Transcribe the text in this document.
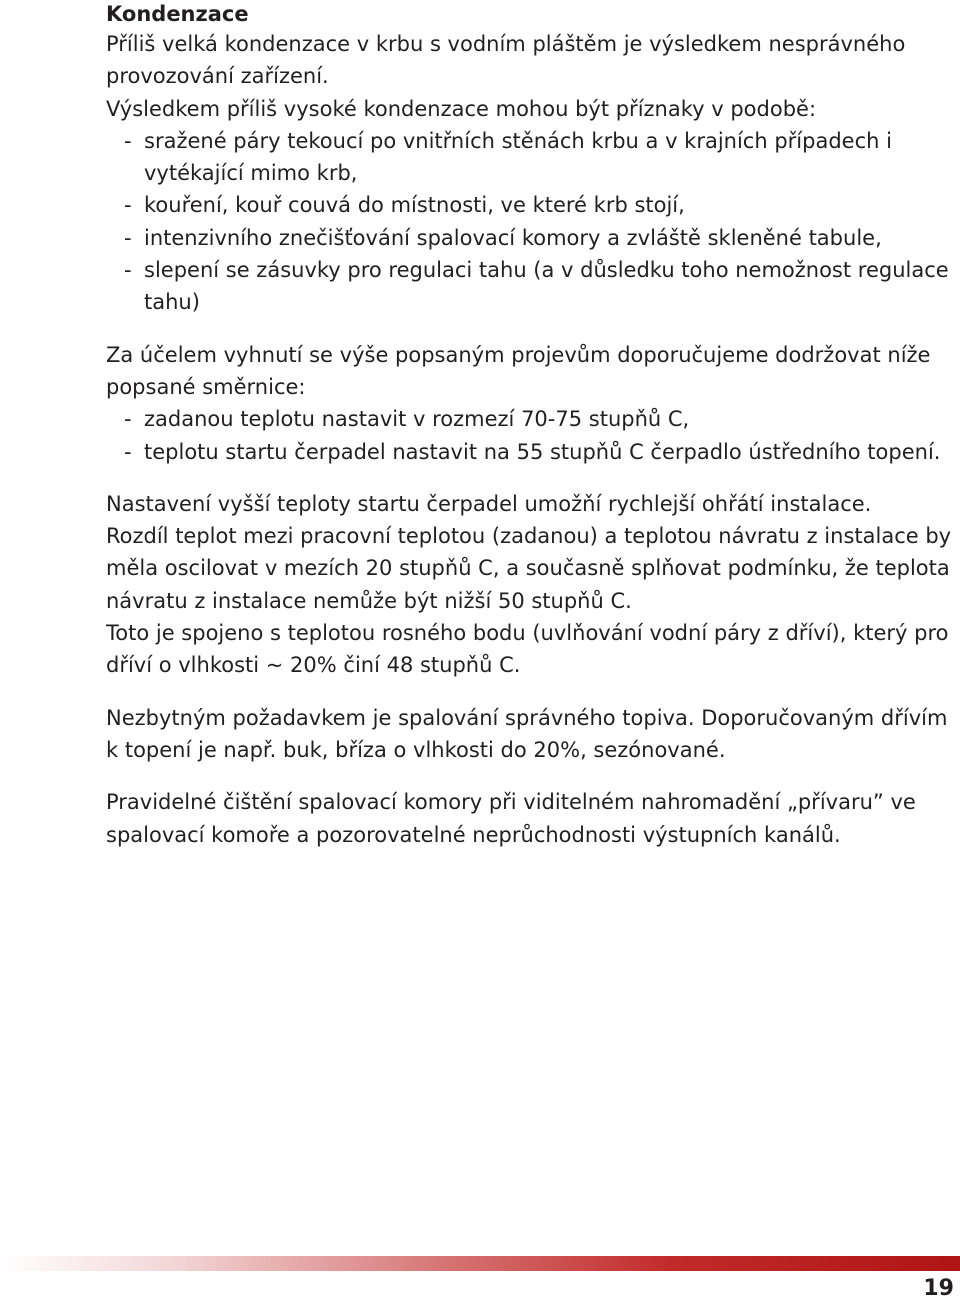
Kondenzace

Příliš velká kondenzace v krbu s vodním pláštěm je výsledkem nesprávného provozování zařízení.

Výsledkem příliš vysoké kondenzace mohou být příznaky v podobě:

- sražené páry tekoucí po vnitřních stěnách krbu a v krajních případech i vytékající mimo krb,
- kouření, kouř couvá do místnosti, ve které krb stojí,
- intenzivního znečišťování spalovací komory a zvláště skleněné tabule,
- slepení se zásuvky pro regulaci tahu (a v důsledku toho nemožnost regulace tahu)

Za účelem vyhnutí se výše popsaným projevům doporučujeme dodržovat níže popsané směrnice:

- zadanou teplotu nastavit v rozmezí 70-75 stupňů C,
- teplotu startu čerpadel nastavit na 55 stupňů C čerpadlo ústředního topení.

Nastavení vyšší teploty startu čerpadel umožňí rychlejší ohřátí instalace.

Rozdíl teplot mezi pracovní teplotou (zadanou) a teplotou návratu z instalace by měla oscilovat v mezích 20 stupňů C, a současně splňovat podmínku, že teplota návratu z instalace nemůže být nižší 50 stupňů C.

Toto je spojeno s teplotou rosného bodu (uvlňování vodní páry z dříví), který pro dříví o vlhkosti ~ 20% činí 48 stupňů C.

Nezbytným požadavkem je spalování správného topiva. Doporučovaným dřívím k topení je např. buk, bříza o vlhkosti do 20%, sezónované.

Pravidelné čištění spalovací komory při viditelném nahromadění „přívaru” ve spalovací komoře a pozorovatelné neprůchodnosti výstupních kanálů.

19
